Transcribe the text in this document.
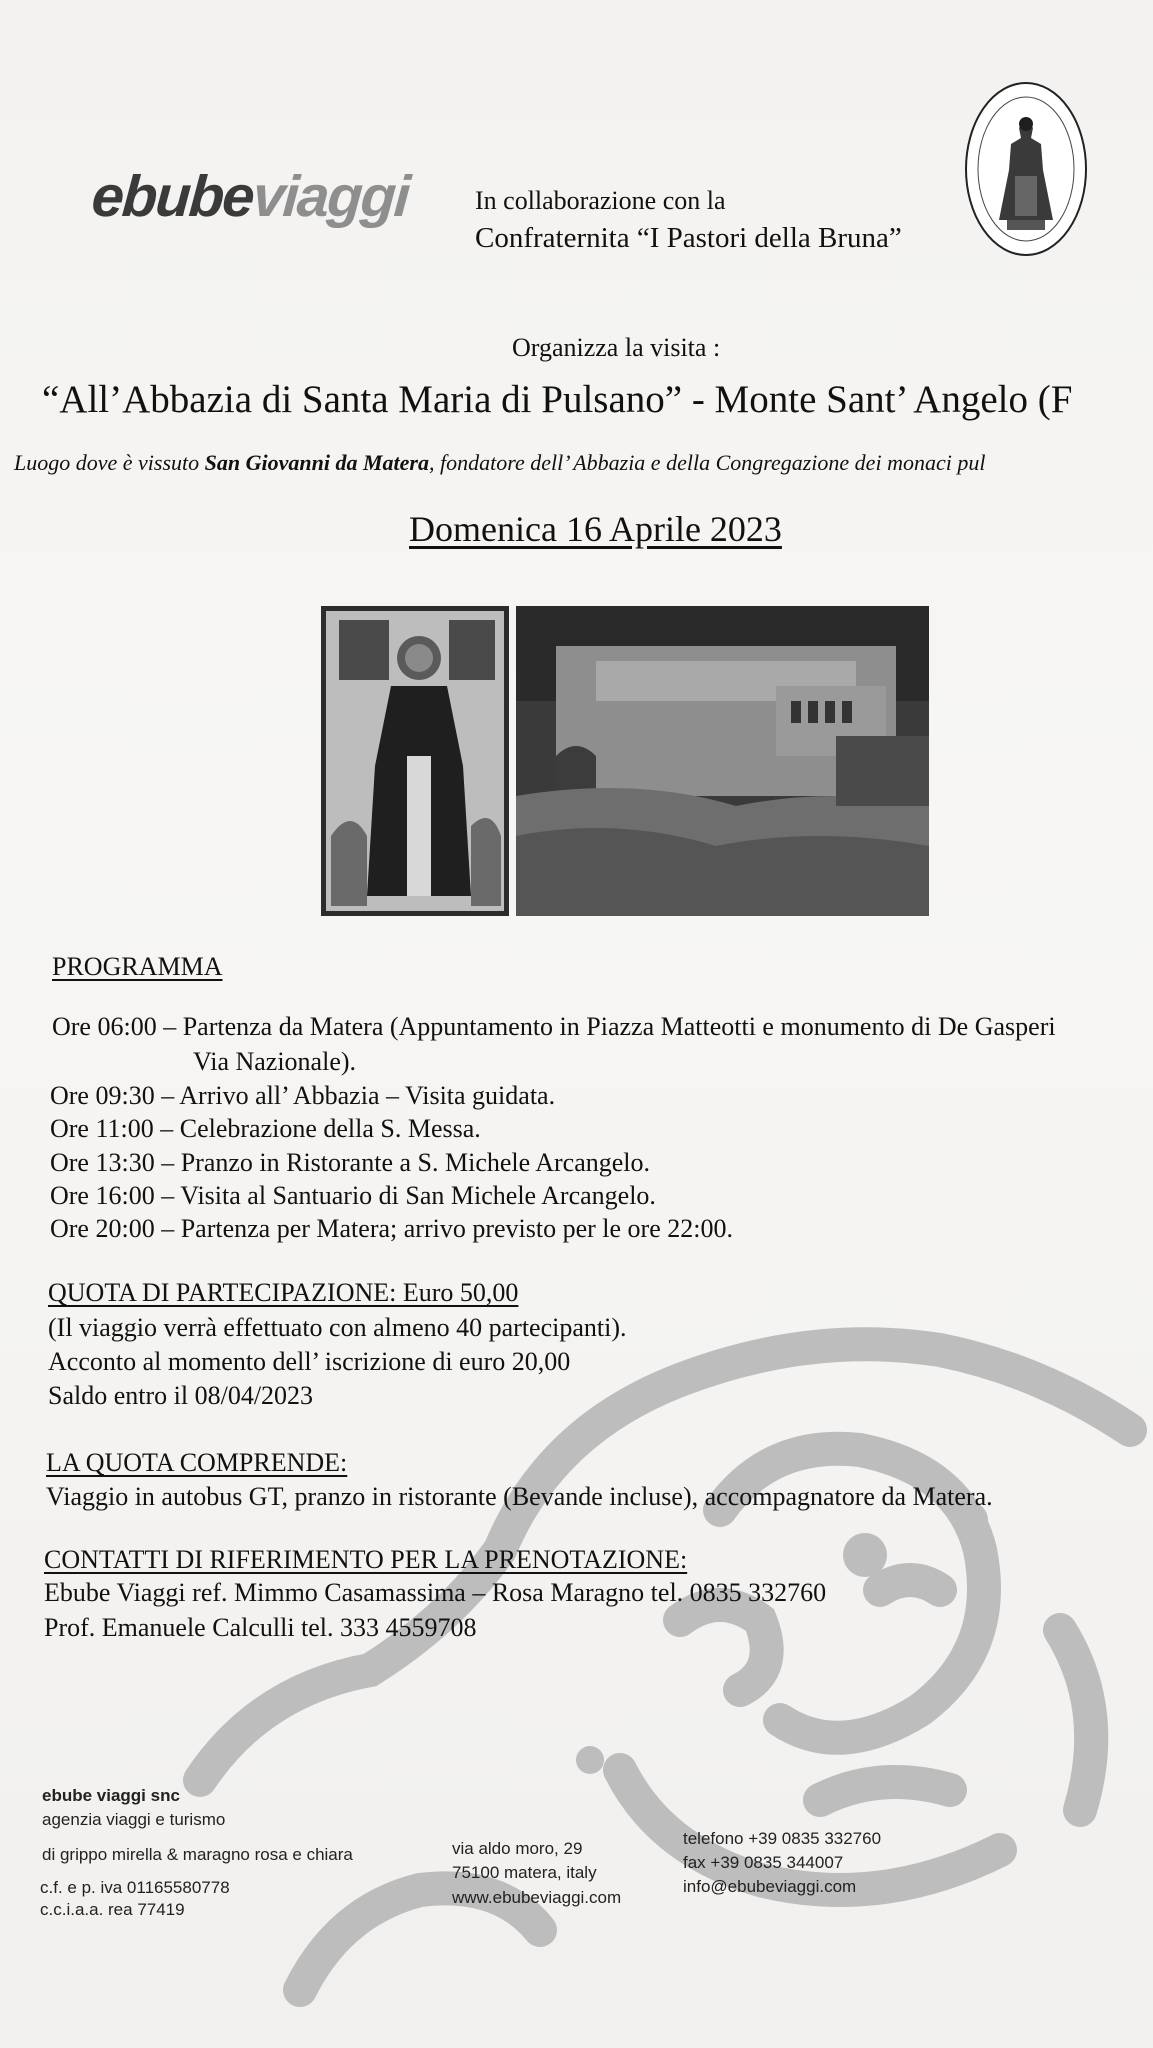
ebubeviaggi In collaborazione con la
Confraternita “I Pastori della Bruna”
Organizza la visita :
“All’Abbazia di Santa Maria di Pulsano” - Monte Sant’ Angelo (F
Luogo dove è vissuto San Giovanni da Matera, fondatore dell’ Abbazia e della Congregazione dei monaci pul
Domenica 16 Aprile 2023
PROGRAMMA
Ore 06:00 – Partenza da Matera (Appuntamento in Piazza Matteotti e monumento di De Gasperi
Via Nazionale).
Ore 09:30 – Arrivo all’ Abbazia – Visita guidata.
Ore 11:00 – Celebrazione della S. Messa.
Ore 13:30 – Pranzo in Ristorante a S. Michele Arcangelo.
Ore 16:00 – Visita al Santuario di San Michele Arcangelo.
Ore 20:00 – Partenza per Matera; arrivo previsto per le ore 22:00.
QUOTA DI PARTECIPAZIONE: Euro 50,00
(Il viaggio verrà effettuato con almeno 40 partecipanti).
Acconto al momento dell’ iscrizione di euro 20,00
Saldo entro il 08/04/2023
LA QUOTA COMPRENDE:
Viaggio in autobus GT, pranzo in ristorante (Bevande incluse), accompagnatore da Matera.
CONTATTI DI RIFERIMENTO PER LA PRENOTAZIONE:
Ebube Viaggi ref. Mimmo Casamassima – Rosa Maragno tel. 0835 332760
Prof. Emanuele Calculli tel. 333 4559708
ebube viaggi snc
agenzia viaggi e turismo
di grippo mirella & maragno rosa e chiara
c.f. e p. iva 01165580778
c.c.i.a.a. rea 77419
via aldo moro, 29
75100 matera, italy
www.ebubeviaggi.com
telefono +39 0835 332760
fax +39 0835 344007
info@ebubeviaggi.com
